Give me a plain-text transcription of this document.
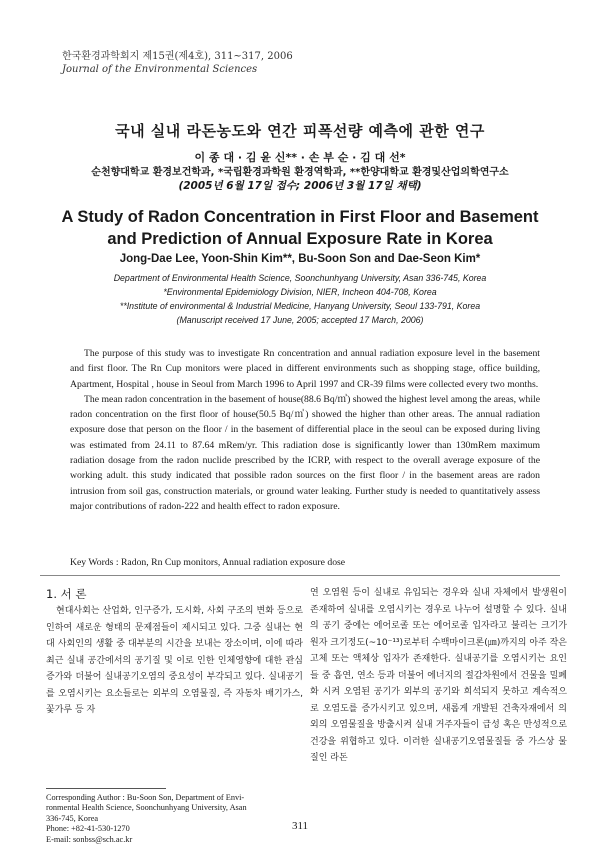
한국환경과학회지 제15권(제4호), 311~317, 2006
Journal of the Environmental Sciences
국내 실내 라돈농도와 연간 피폭선량 예측에 관한 연구
이 종 대 · 김 윤 신** · 손 부 순 · 김 대 선*
순천향대학교 환경보건학과, *국립환경과학원 환경역학과, **한양대학교 환경및산업의학연구소
(2005년 6월 17일 접수; 2006년 3월 17일 채택)
A Study of Radon Concentration in First Floor and Basement
and Prediction of Annual Exposure Rate in Korea
Jong-Dae Lee, Yoon-Shin Kim**, Bu-Soon Son and Dae-Seon Kim*
Department of Environmental Health Science, Soonchunhyang University, Asan 336-745, Korea
*Environmental Epidemiology Division, NIER, Incheon 404-708, Korea
**Institute of environmental & Industrial Medicine, Hanyang University, Seoul 133-791, Korea
(Manuscript received 17 June, 2005; accepted 17 March, 2006)

The purpose of this study was to investigate Rn concentration and annual radiation exposure level in the basement and first floor. The Rn Cup monitors were placed in different environments such as shopping stage, office building, Apartment, Hospital , house in Seoul from March 1996 to April 1997 and CR-39 films were collected every two months.

The mean radon concentration in the basement of house(88.6 Bq/㎥) showed the highest level among the areas, while radon concentration on the first floor of house(50.5 Bq/㎥) showed the higher than other areas. The annual radiation exposure dose that person on the floor / in the basement of differential place in the seoul can be exposed during living was estimated from 24.11 to 87.64 mRem/yr. This radiation dose is significantly lower than 130mRem maximum radiation dosage from the radon nuclide prescribed by the ICRP, with respect to the overall average exposure of the working adult. this study indicated that possible radon sources on the first floor / in the basement areas are radon intrusion from soil gas, construction materials, or ground water leaking. Further study is needed to quantitatively assess major contributions of radon-222 and health effect to radon exposure.

Key Words : Radon, Rn Cup monitors, Annual radiation exposure dose
1. 서 론

현대사회는 산업화, 인구증가, 도시화, 사회 구조의 변화 등으로 인하여 새로운 형태의 문제점들이 제시되고 있다. 그중 실내는 현대 사회인의 생활 중 대부분의 시간을 보내는 장소이며, 이에 따라 최근 실내 공간에서의 공기질 및 이로 인한 인체영향에 대한 관심 증가와 더불어 실내공기오염의 중요성이 부각되고 있다. 실내공기를 오염시키는 요소들로는 외부의 오염물질, 즉 자동차 배기가스, 꽃가루 등 자

연 오염원 등이 실내로 유입되는 경우와 실내 자체에서 발생원이 존재하여 실내를 오염시키는 경우로 나누어 설명할 수 있다. 실내의 공기 중에는 에어로졸 또는 에어로졸 입자라고 불리는 크기가 원자 크기정도(~10⁻¹³)로부터 수백마이크론(㎛)까지의 아주 작은 고체 또는 액체상 입자가 존재한다. 실내공기를 오염시키는 요인들 중 흡연, 연소 등과 더불어 에너지의 절감차원에서 건물을 밀폐화 시켜 오염된 공기가 외부의 공기와 희석되지 못하고 계속적으로 오염도를 증가시키고 있으며, 새롭게 개발된 건축자재에서 의외의 오염물질을 방출시켜 실내 거주자들이 급성 혹은 만성적으로 건강을 위협하고 있다. 이러한 실내공기오염물질들 중 가스상 물질인 라돈

Corresponding Author : Bu-Soon Son, Department of Envi-
ronmental Health Science, Soonchunhyang University, Asan
336-745, Korea
Phone: +82-41-530-1270
E-mail: sonbss@sch.ac.kr
311
